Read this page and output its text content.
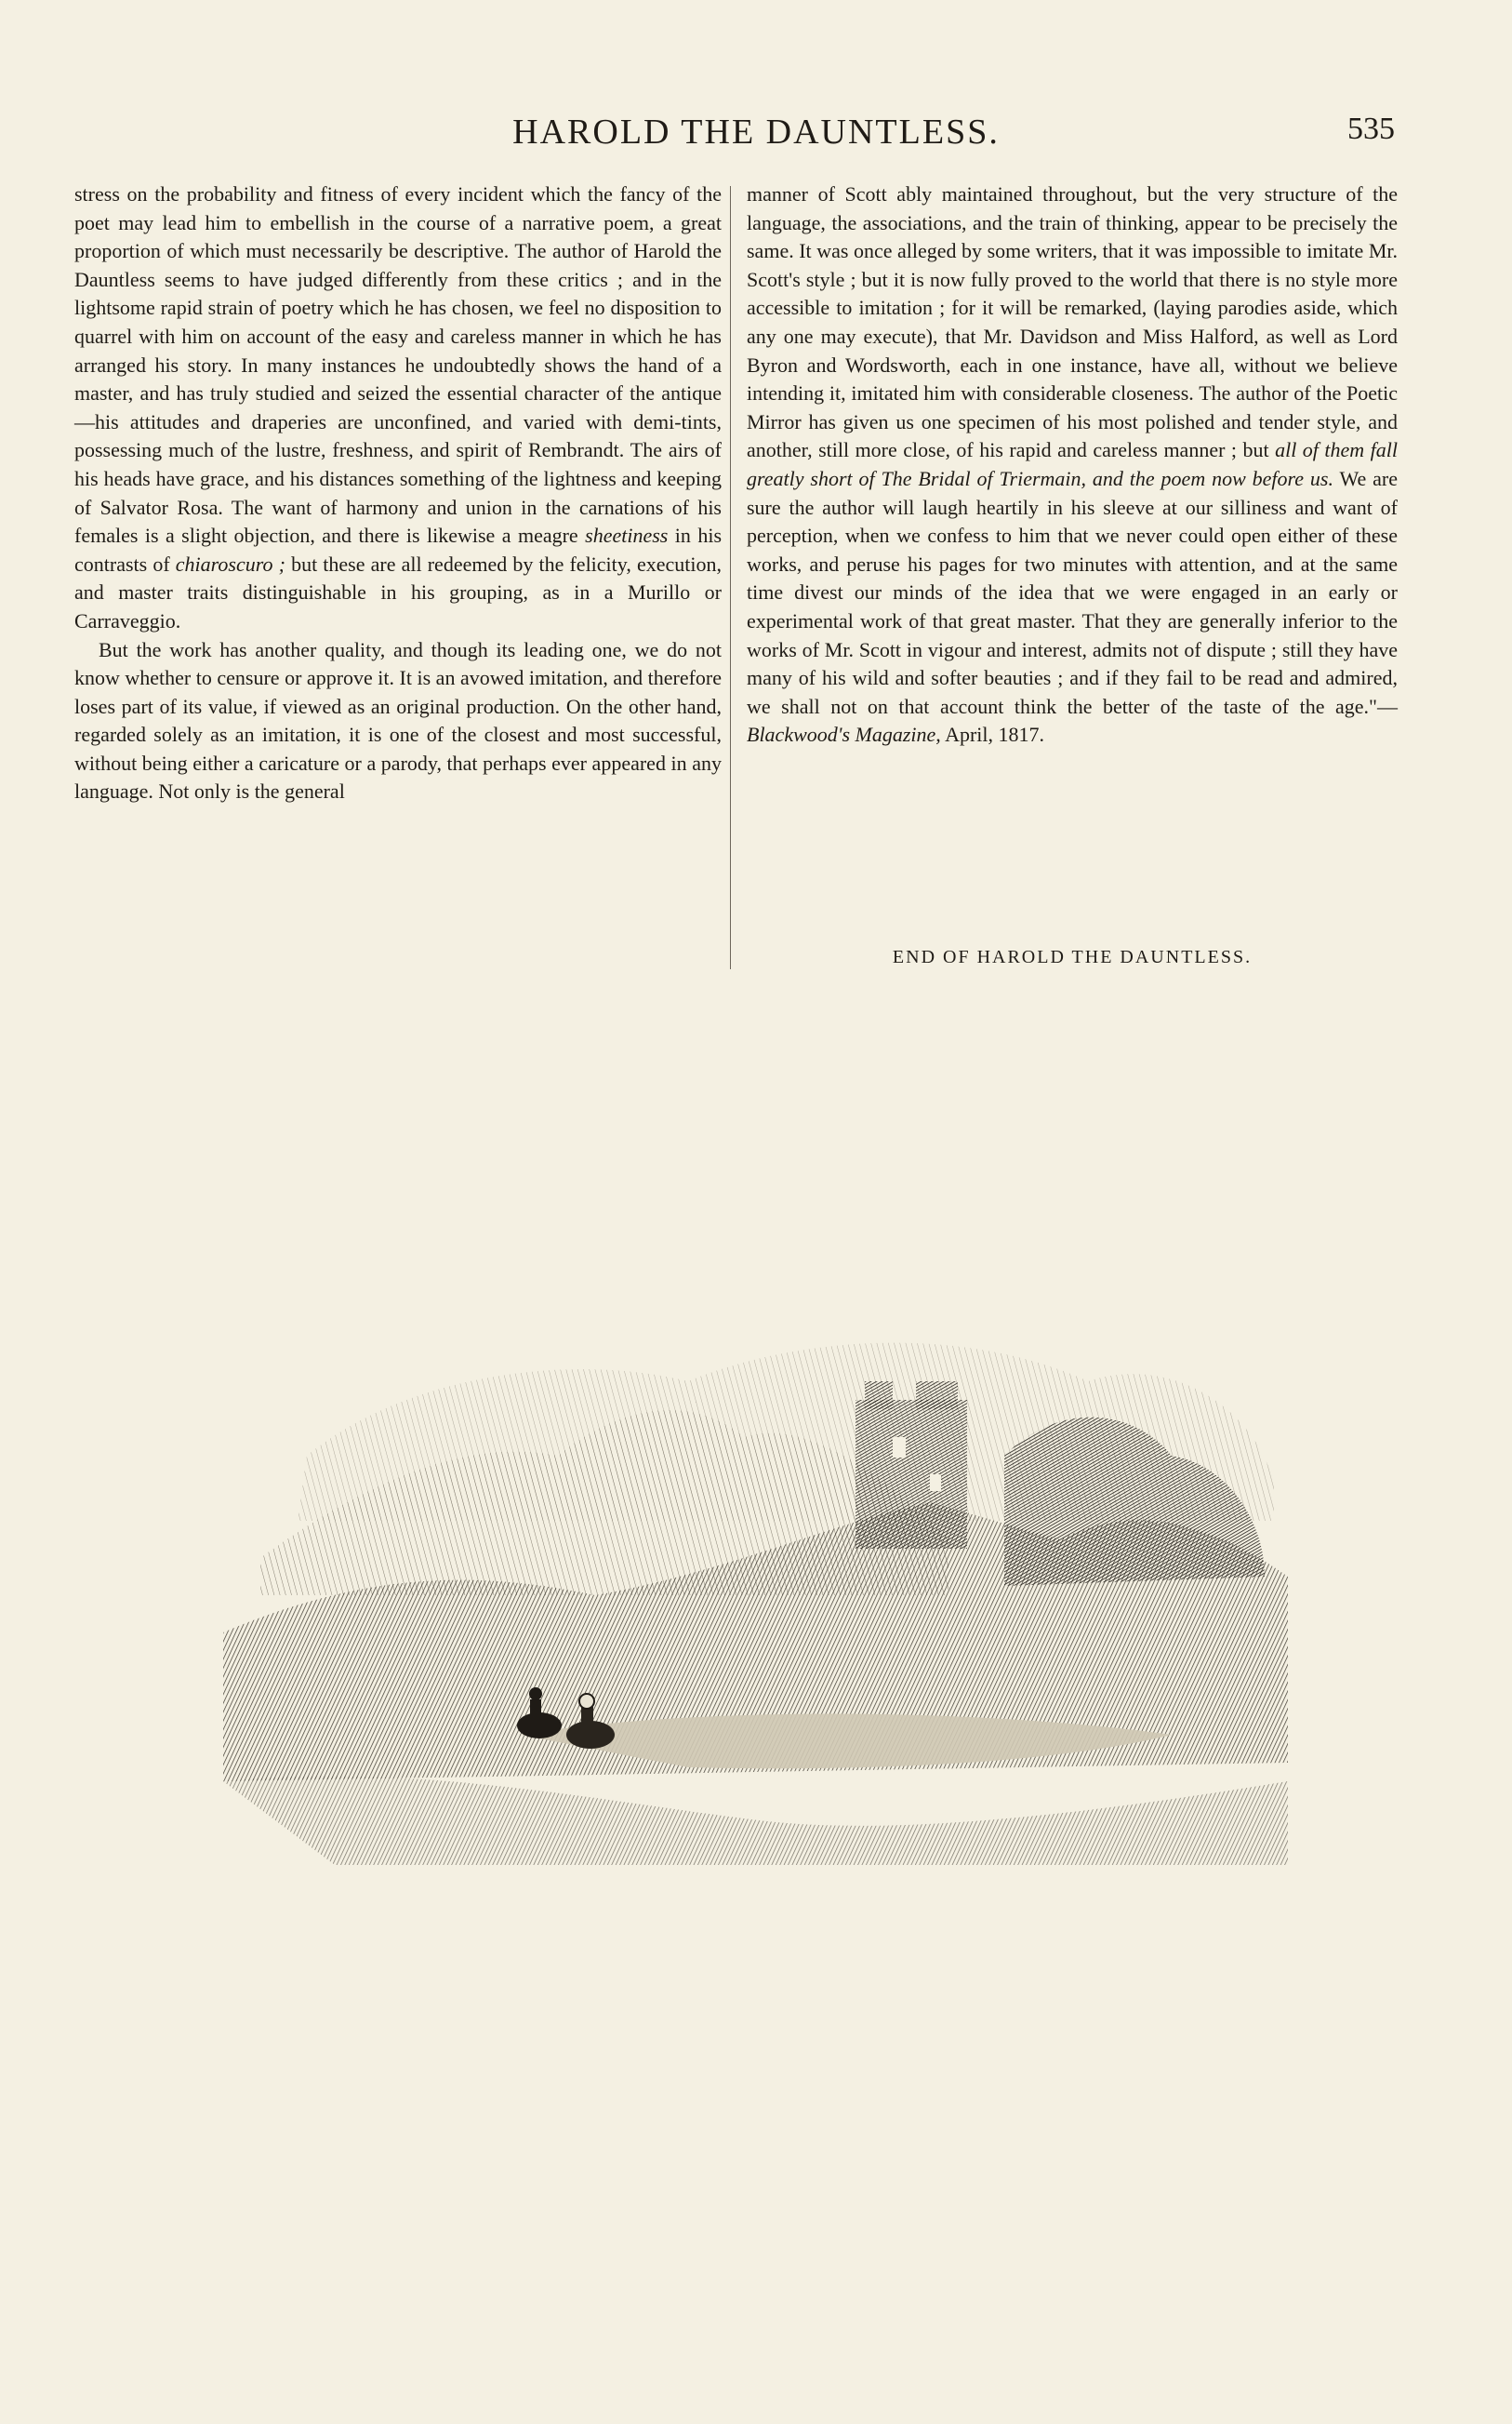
HAROLD THE DAUNTLESS.	535

stress on the probability and fitness of every incident which the fancy of the poet may lead him to embellish in the course of a narrative poem, a great proportion of which must necessarily be descriptive. The author of Harold the Dauntless seems to have judged differently from these critics ; and in the lightsome rapid strain of poetry which he has chosen, we feel no disposition to quarrel with him on account of the easy and careless manner in which he has arranged his story. In many instances he undoubtedly shows the hand of a master, and has truly studied and seized the essential character of the antique—his attitudes and draperies are unconfined, and varied with demi-tints, possessing much of the lustre, freshness, and spirit of Rembrandt. The airs of his heads have grace, and his distances something of the lightness and keeping of Salvator Rosa. The want of harmony and union in the carnations of his females is a slight objection, and there is likewise a meagre sheetiness in his contrasts of chiaroscuro ; but these are all redeemed by the felicity, execution, and master traits distinguishable in his grouping, as in a Murillo or Carraveggio.

But the work has another quality, and though its leading one, we do not know whether to censure or approve it. It is an avowed imitation, and therefore loses part of its value, if viewed as an original production. On the other hand, regarded solely as an imitation, it is one of the closest and most successful, without being either a caricature or a parody, that perhaps ever appeared in any language. Not only is the general

manner of Scott ably maintained throughout, but the very structure of the language, the associations, and the train of thinking, appear to be precisely the same. It was once alleged by some writers, that it was impossible to imitate Mr. Scott's style ; but it is now fully proved to the world that there is no style more accessible to imitation ; for it will be remarked, (laying parodies aside, which any one may execute), that Mr. Davidson and Miss Halford, as well as Lord Byron and Wordsworth, each in one instance, have all, without we believe intending it, imitated him with considerable closeness. The author of the Poetic Mirror has given us one specimen of his most polished and tender style, and another, still more close, of his rapid and careless manner ; but all of them fall greatly short of The Bridal of Triermain, and the poem now before us. We are sure the author will laugh heartily in his sleeve at our silliness and want of perception, when we confess to him that we never could open either of these works, and peruse his pages for two minutes with attention, and at the same time divest our minds of the idea that we were engaged in an early or experimental work of that great master. That they are generally inferior to the works of Mr. Scott in vigour and interest, admits not of dispute ; still they have many of his wild and softer beauties ; and if they fail to be read and admired, we shall not on that account think the better of the taste of the age."—Blackwood's Magazine, April, 1817.

END OF HAROLD THE DAUNTLESS.
